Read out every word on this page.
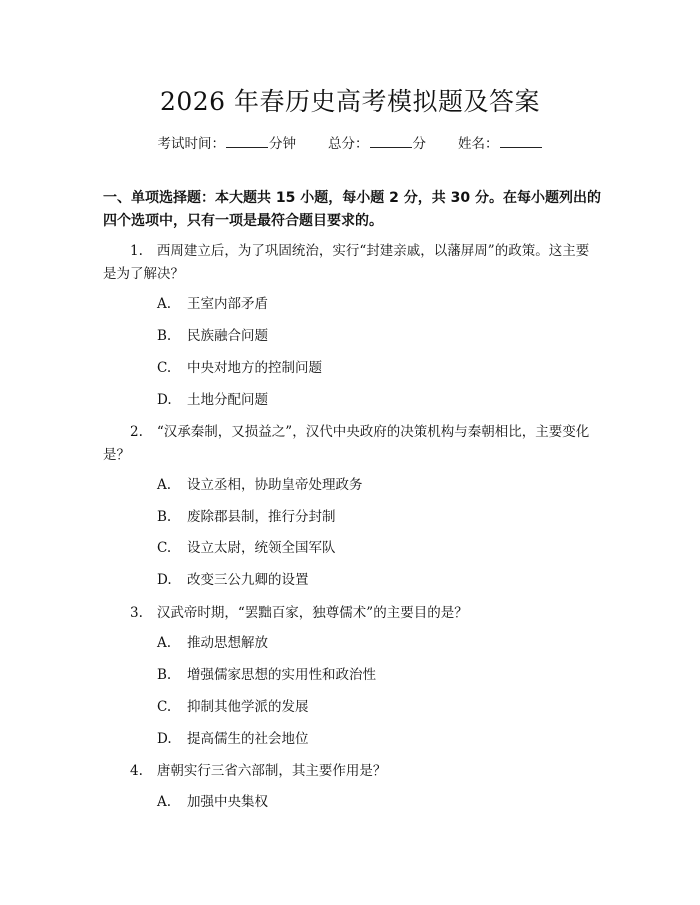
2026 年春历史高考模拟题及答案
考试时间：	分钟 总分：	分 姓名：
一、单项选择题：本大题共 15 小题，每小题 2 分，共 30 分。在每小题列出的四个选项中，只有一项是最符合题目要求的。
1. 西周建立后，为了巩固统治，实行“封建亲戚，以藩屏周”的政策。这主要是为了解决？
A. 王室内部矛盾
B. 民族融合问题
C. 中央对地方的控制问题
D. 土地分配问题
2. “汉承秦制，又损益之”，汉代中央政府的决策机构与秦朝相比，主要变化是？
A. 设立丞相，协助皇帝处理政务
B. 废除郡县制，推行分封制
C. 设立太尉，统领全国军队
D. 改变三公九卿的设置
3. 汉武帝时期，“罢黜百家，独尊儒术”的主要目的是？
A. 推动思想解放
B. 增强儒家思想的实用性和政治性
C. 抑制其他学派的发展
D. 提高儒生的社会地位
4. 唐朝实行三省六部制，其主要作用是？
A. 加强中央集权
